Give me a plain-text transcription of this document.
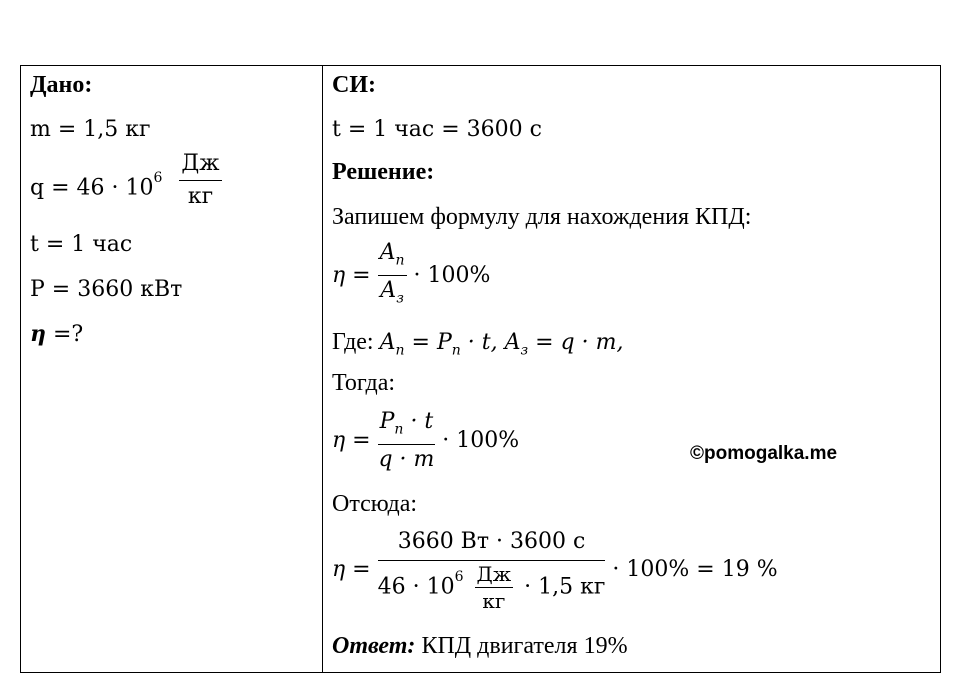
Дано:
m = 1,5 кг
$q = 46 \cdot 10^6 \frac{Дж}{кг}$
t = 1 час
P = 3660 кВт
η =?
СИ:
t = 1 час = 3600 с
Решение:
Запишем формулу для нахождения КПД:
$\eta = \frac{A_п}{A_з} \cdot 100\%$
Где: $A_п = P_п \cdot t$, $A_з = q \cdot m$,
Тогда:
$\eta = \frac{P_п \cdot t}{q \cdot m} \cdot 100\%$
Отсюда:
η =
3660 Вт · 3600 с
$46 \cdot 10^6 \frac{Дж}{кг} \cdot 1,5$ кг
· 100% = 19 %
Ответ: КПД двигателя 19%
©pomogalka.me
